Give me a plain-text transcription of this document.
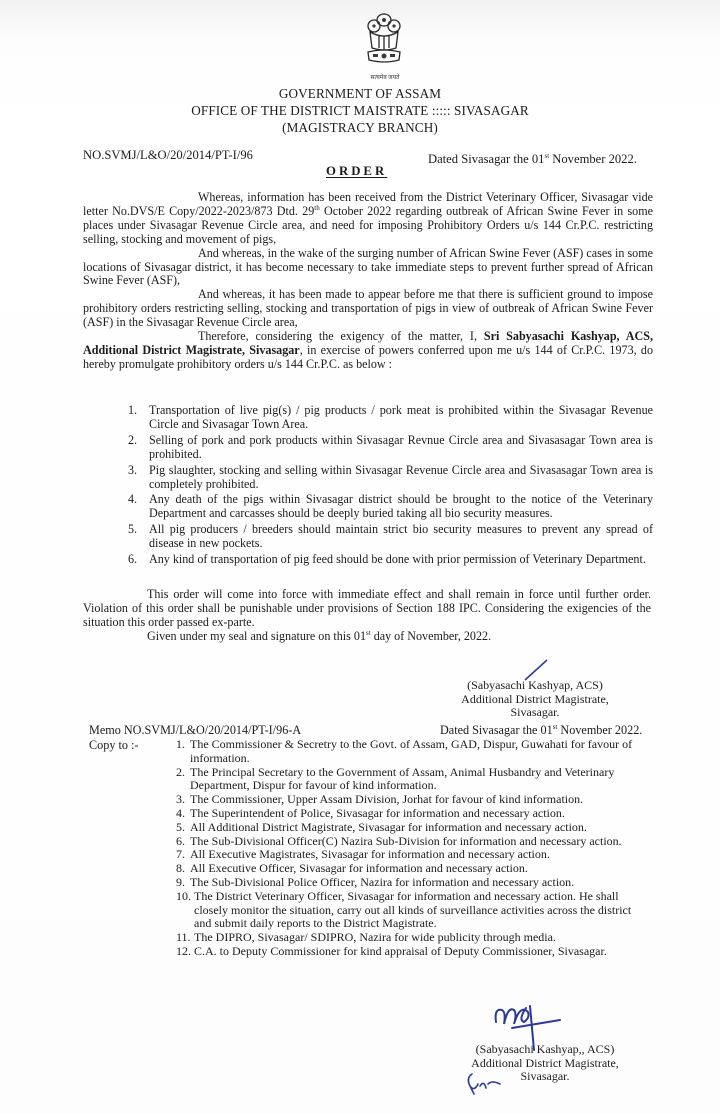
सत्यमेव जयते
GOVERNMENT OF ASSAM
OFFICE OF THE DISTRICT MAISTRATE ::::: SIVASAGAR
(MAGISTRACY BRANCH)
NO.SVMJ/L&O/20/2014/PT-I/96	Dated Sivasagar the 01st November 2022.
ORDER

Whereas, information has been received from the District Veterinary Officer, Sivasagar vide letter No.DVS/E Copy/2022-2023/873 Dtd. 29th October 2022 regarding outbreak of African Swine Fever in some places under Sivasagar Revenue Circle area, and need for imposing Prohibitory Orders u/s 144 Cr.P.C. restricting selling, stocking and movement of pigs,

And whereas, in the wake of the surging number of African Swine Fever (ASF) cases in some locations of Sivasagar district, it has become necessary to take immediate steps to prevent further spread of African Swine Fever (ASF),

And whereas, it has been made to appear before me that there is sufficient ground to impose prohibitory orders restricting selling, stocking and transportation of pigs in view of outbreak of African Swine Fever (ASF) in the Sivasagar Revenue Circle area,

Therefore, considering the exigency of the matter, I, Sri Sabyasachi Kashyap, ACS, Additional District Magistrate, Sivasagar, in exercise of powers conferred upon me u/s 144 of Cr.P.C. 1973, do hereby promulgate prohibitory orders u/s 144 Cr.P.C. as below :

1. Transportation of live pig(s) / pig products / pork meat is prohibited within the Sivasagar Revenue Circle and Sivasagar Town Area.
2. Selling of pork and pork products within Sivasagar Revnue Circle area and Sivasasagar Town area is prohibited.
3. Pig slaughter, stocking and selling within Sivasagar Revenue Circle area and Sivasasagar Town area is completely prohibited.
4. Any death of the pigs within Sivasagar district should be brought to the notice of the Veterinary Department and carcasses should be deeply buried taking all bio security measures.
5. All pig producers / breeders should maintain strict bio security measures to prevent any spread of disease in new pockets.
6. Any kind of transportation of pig feed should be done with prior permission of Veterinary Department.

This order will come into force with immediate effect and shall remain in force until further order. Violation of this order shall be punishable under provisions of Section 188 IPC. Considering the exigencies of the situation this order passed ex-parte.

Given under my seal and signature on this 01st day of November, 2022.

(Sabyasachi Kashyap, ACS)
Additional District Magistrate,
Sivasagar.
Memo NO.SVMJ/L&O/20/2014/PT-I/96-A	Dated Sivasagar the 01st November 2022.
Copy to :-	1. The Commissioner & Secretry to the Govt. of Assam, GAD, Dispur, Guwahati for favour of information.
2. The Principal Secretary to the Government of Assam, Animal Husbandry and Veterinary Department, Dispur for favour of kind information.
3. The Commissioner, Upper Assam Division, Jorhat for favour of kind information.
4. The Superintendent of Police, Sivasagar for information and necessary action.
5. All Additional District Magistrate, Sivasagar for information and necessary action.
6. The Sub-Divisional Officer(C) Nazira Sub-Division for information and necessary action.
7. All Executive Magistrates, Sivasagar for information and necessary action.
8. All Executive Officer, Sivasagar for information and necessary action.
9. The Sub-Divisional Police Officer, Nazira for information and necessary action.
10. The District Veterinary Officer, Sivasagar for information and necessary action. He shall closely monitor the situation, carry out all kinds of surveillance activities across the district and submit daily reports to the District Magistrate.
11. The DIPRO, Sivasagar/ SDIPRO, Nazira for wide publicity through media.
12. C.A. to Deputy Commissioner for kind appraisal of Deputy Commissioner, Sivasagar.
(Sabyasachi Kashyap,, ACS)
Additional District Magistrate,
Sivasagar.
